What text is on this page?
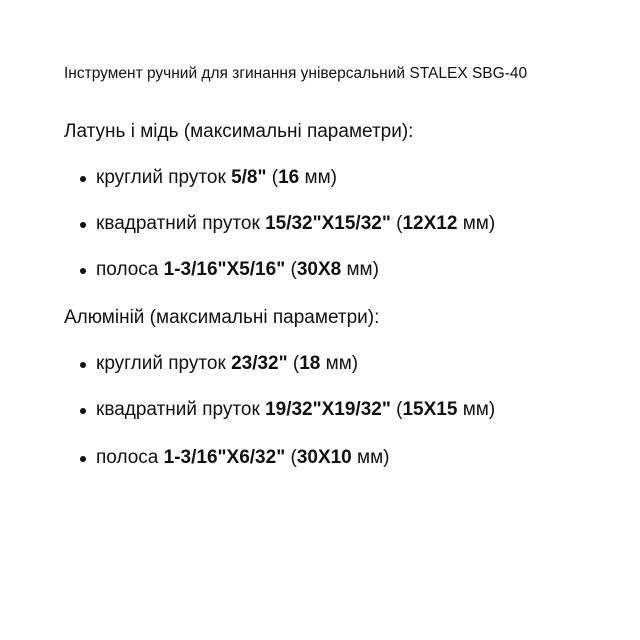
Інструмент ручний для згинання універсальний STALEX SBG-40
Латунь і мідь (максимальні параметри):
круглий пруток 5/8" (16 мм)
квадратний пруток 15/32"X15/32" (12X12 мм)
полоса 1-3/16"X5/16" (30X8 мм)
Алюміній (максимальні параметри):
круглий пруток 23/32" (18 мм)
квадратний пруток 19/32"X19/32" (15X15 мм)
полоса 1-3/16"X6/32" (30X10 мм)
